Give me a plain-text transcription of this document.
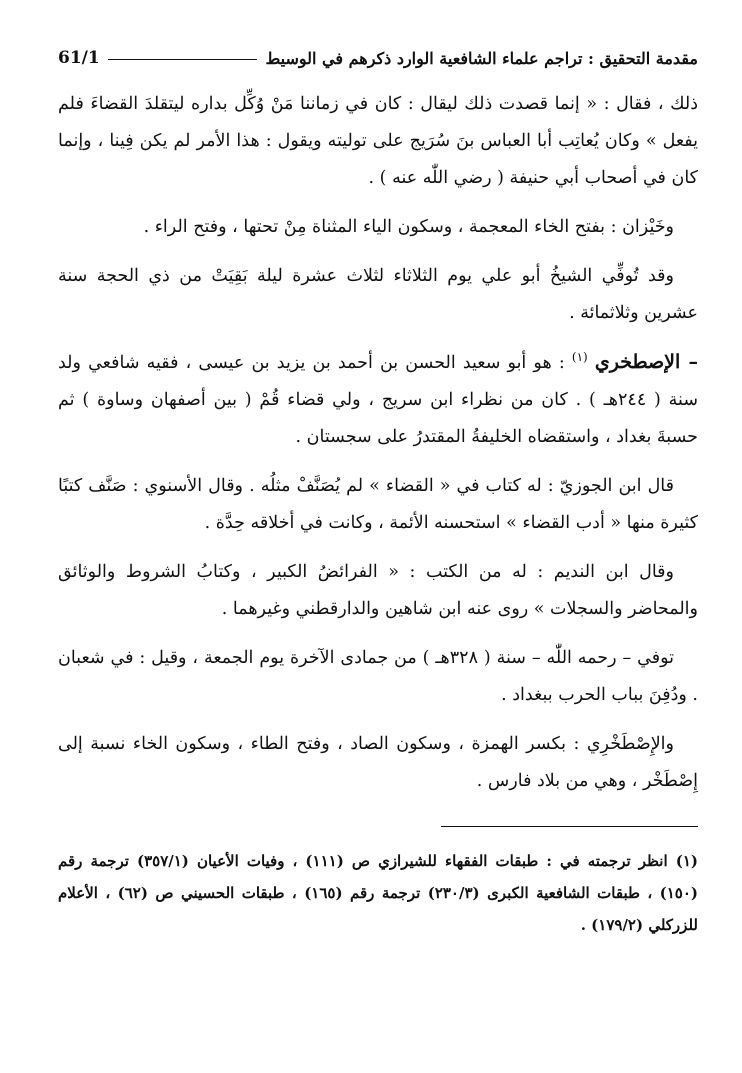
مقدمة التحقيق : تراجم علماء الشافعية الوارد ذكرهم في الوسيط
61/1

ذلك ، فقال : « إنما قصدت ذلك ليقال : كان في زماننا مَنْ وُكِّل بداره ليتقلدَ القضاءَ فلم يفعل » وكان يُعاتِب أبا العباس بنَ سُرَيج على توليته ويقول : هذا الأمر لم يكن فِينا ، وإنما كان في أصحاب أبي حنيفة ( رضي اللّٰه عنه ) .

وخَيْزان : بفتح الخاء المعجمة ، وسكون الياء المثناة مِنْ تحتها ، وفتح الراء .

وقد تُوفِّي الشيخُ أبو علي يوم الثلاثاء لثلاث عشرة ليلة بَقِيَتْ من ذي الحجة سنة عشرين وثلاثمائة .

– الإصطخري $^{(١)}$ : هو أبو سعيد الحسن بن أحمد بن يزيد بن عيسى ، فقيه شافعي ولد سنة ( ٢٤٤هـ ) . كان من نظراء ابن سريج ، ولي قضاء قُمْ ( بين أصفهان وساوة ) ثم حسبةَ بغداد ، واستقضاه الخليفةُ المقتدرُ على سجستان .

قال ابن الجوزيّ : له كتاب في « القضاء » لم يُصَنَّفْ مثلُه . وقال الأسنوي : صَنَّف كتبًا كثيرة منها « أدب القضاء » استحسنه الأئمة ، وكانت في أخلاقه حِدَّة .

وقال ابن النديم : له من الكتب : « الفرائضُ الكبير ، وكتابُ الشروط والوثائق والمحاضر والسجلات » روى عنه ابن شاهين والدارقطني وغيرهما .

توفي – رحمه اللّٰه – سنة ( ٣٢٨هـ ) من جمادى الآخرة يوم الجمعة ، وقيل : في شعبان . ودُفِنَ بباب الحرب ببغداد .

والإِصْطَخْرِي : بكسر الهمزة ، وسكون الصاد ، وفتح الطاء ، وسكون الخاء نسبة إلى إِصْطَخْر ، وهي من بلاد فارس .

(١) انظر ترجمته في : طبقات الفقهاء للشيرازي ص (١١١) ، وفيات الأعيان (٣٥٧/١) ترجمة رقم (١٥٠) ، طبقات الشافعية الكبرى (٢٣٠/٣) ترجمة رقم (١٦٥) ، طبقات الحسيني ص (٦٢) ، الأعلام للزركلي (١٧٩/٢) .
